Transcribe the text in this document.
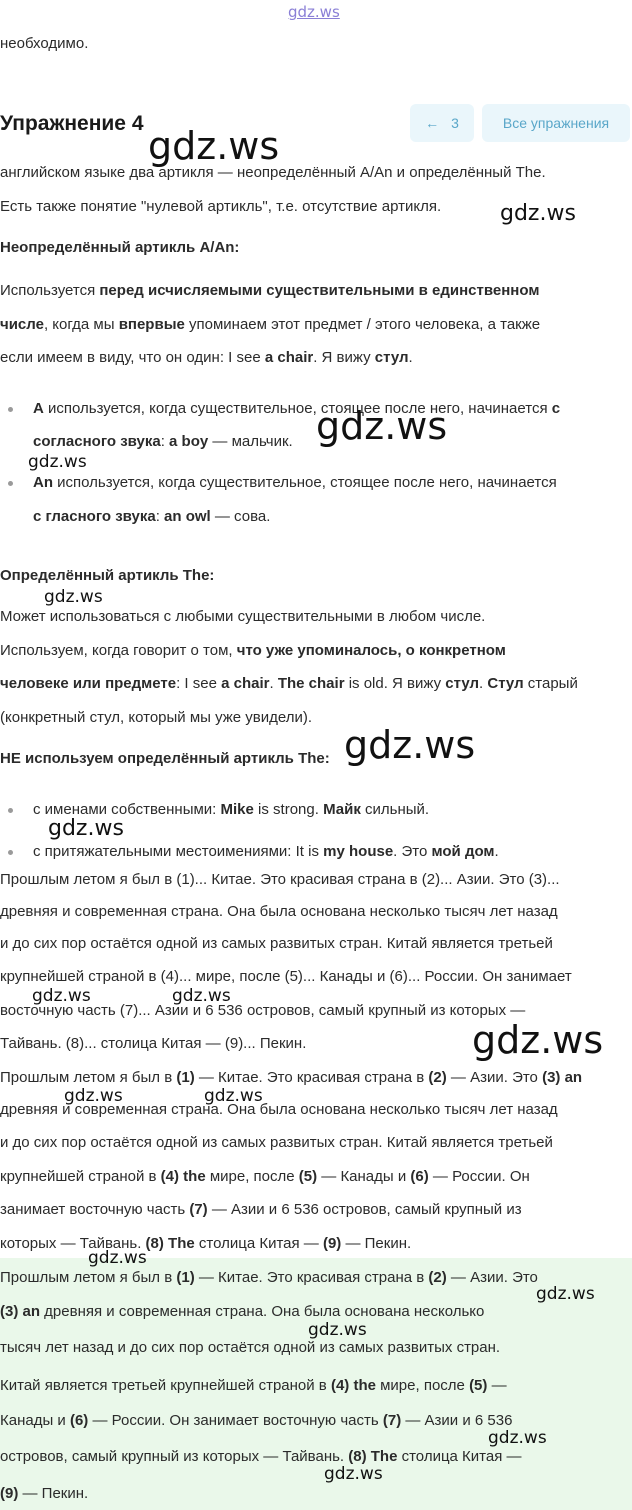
gdz.ws
необходимо.
Упражнение 4	← 3	Все упражнения
английском языке два артикля — неопределённый A/An и определённый The.
Есть также понятие "нулевой артикль", т.е. отсутствие артикля.
Неопределённый артикль A/An:
Используется перед исчисляемыми существительными в единственном
числе, когда мы впервые упоминаем этот предмет / этого человека, а также
если имеем в виду, что он один: I see a chair. Я вижу стул.
A используется, когда существительное, стоящее после него, начинается с
согласного звука: a boy — мальчик.
An используется, когда существительное, стоящее после него, начинается
с гласного звука: an owl — сова.
Определённый артикль The:
Может использоваться с любыми существительными в любом числе.
Используем, когда говорит о том, что уже упоминалось, о конкретном
человеке или предмете: I see a chair. The chair is old. Я вижу стул. Стул старый
(конкретный стул, который мы уже увидели).
НЕ используем определённый артикль The:
с именами собственными: Mike is strong. Майк сильный.
с притяжательными местоимениями: It is my house. Это мой дом.
Прошлым летом я был в (1)... Китае. Это красивая страна в (2)... Азии. Это (3)...
древняя и современная страна. Она была основана несколько тысяч лет назад
и до сих пор остаётся одной из самых развитых стран. Китай является третьей
крупнейшей страной в (4)... мире, после (5)... Канады и (6)... России. Он занимает
восточную часть (7)... Азии и 6 536 островов, самый крупный из которых —
Тайвань. (8)... столица Китая — (9)... Пекин.
Прошлым летом я был в (1) — Китае. Это красивая страна в (2) — Азии. Это (3) an
древняя и современная страна. Она была основана несколько тысяч лет назад
и до сих пор остаётся одной из самых развитых стран. Китай является третьей
крупнейшей страной в (4) the мире, после (5) — Канады и (6) — России. Он
занимает восточную часть (7) — Азии и 6 536 островов, самый крупный из
которых — Тайвань. (8) The столица Китая — (9) — Пекин.
Прошлым летом я был в (1) — Китае. Это красивая страна в (2) — Азии. Это
(3) an древняя и современная страна. Она была основана несколько
тысяч лет назад и до сих пор остаётся одной из самых развитых стран.
Китай является третьей крупнейшей страной в (4) the мире, после (5) —
Канады и (6) — России. Он занимает восточную часть (7) — Азии и 6 536
островов, самый крупный из которых — Тайвань. (8) The столица Китая —
(9) — Пекин.
gdz.ws
gdz.ws
gdz.ws
gdz.ws
gdz.ws
gdz.ws
gdz.ws
gdz.ws	gdz.ws
gdz.ws
gdz.ws	gdz.ws
gdz.ws
gdz.ws
gdz.ws
gdz.ws
gdz.ws
